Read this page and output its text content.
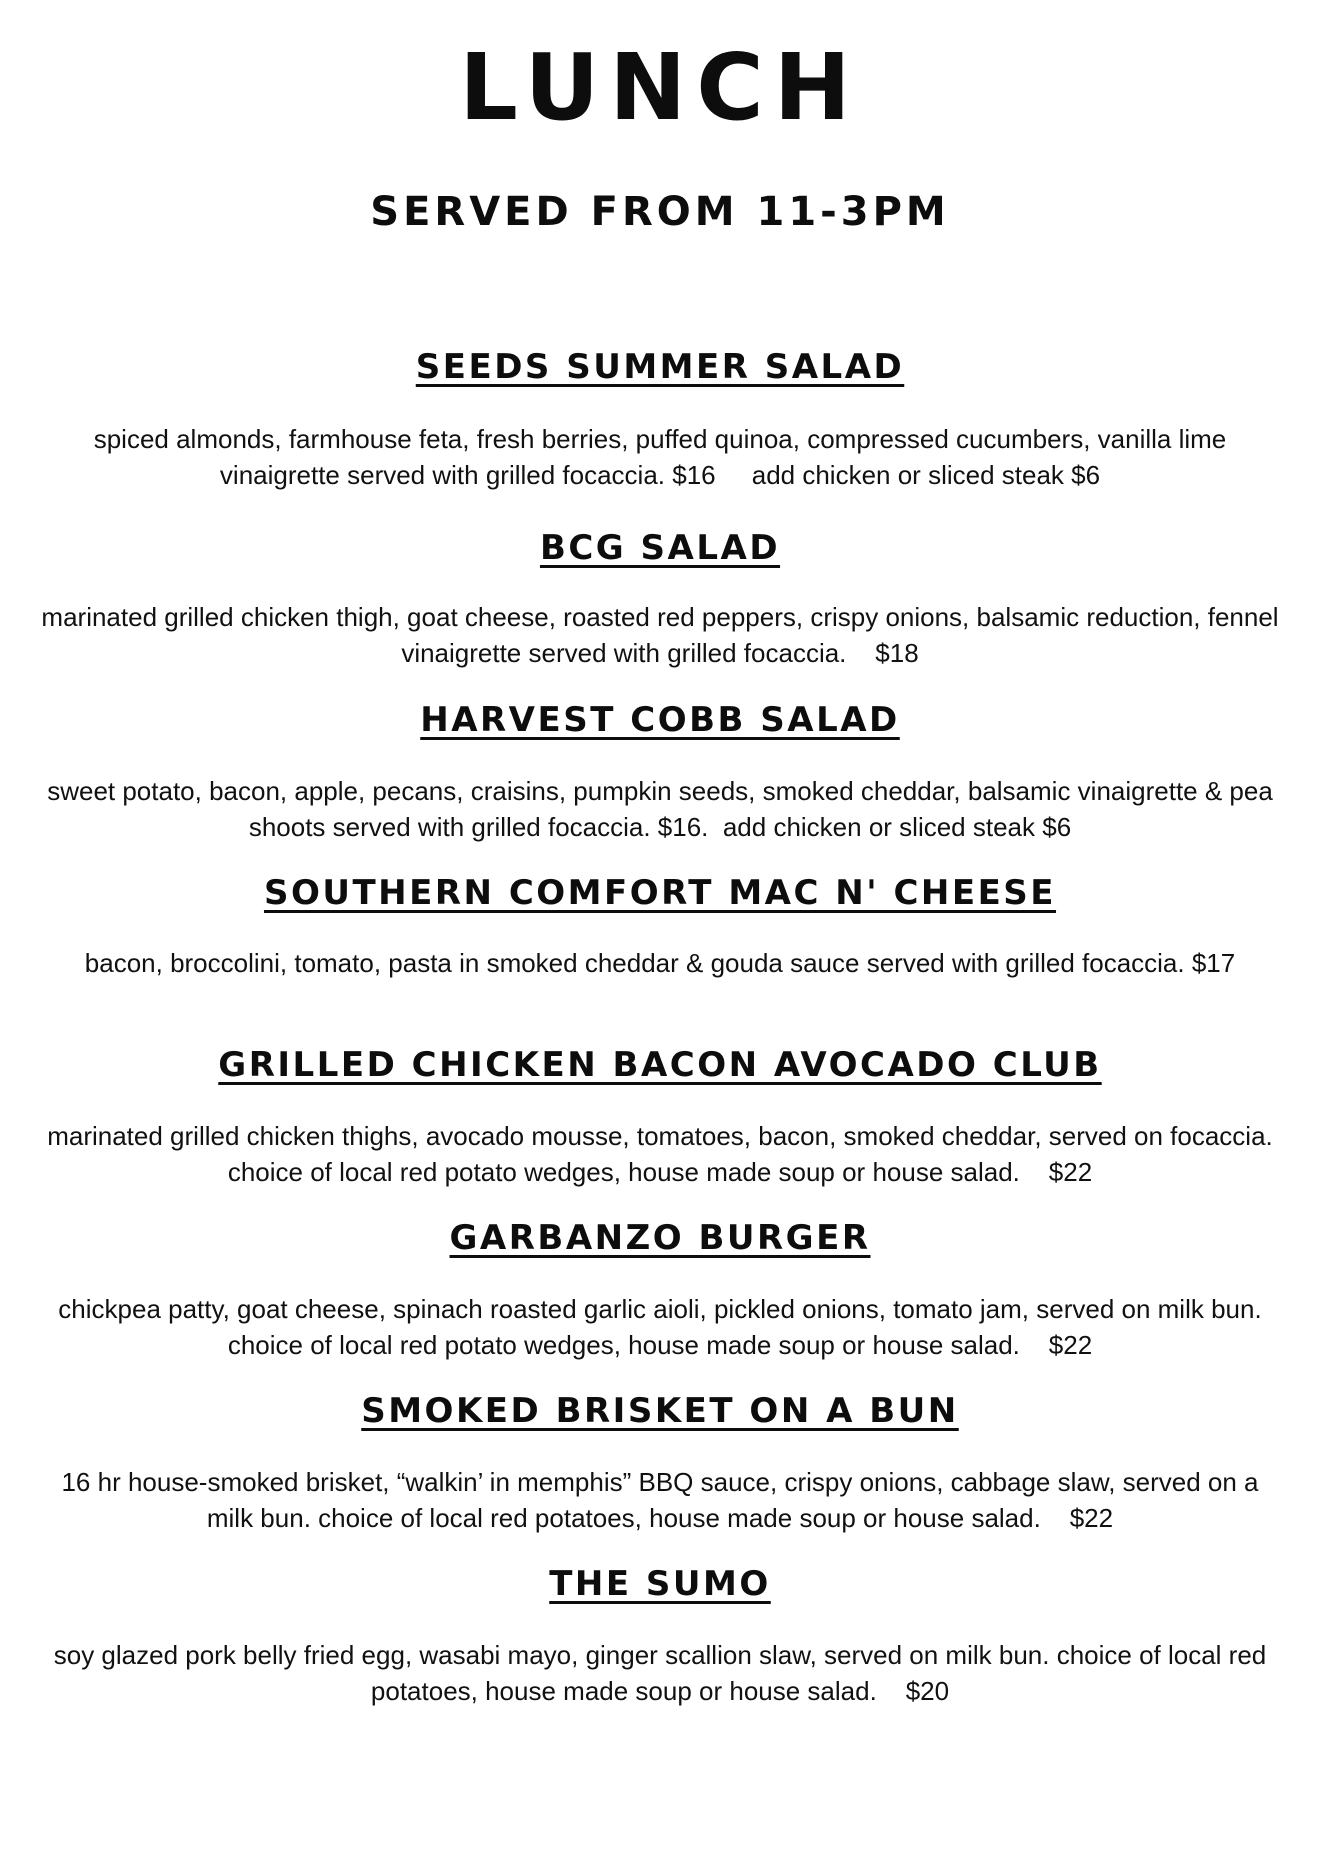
LUNCH
SERVED FROM 11-3PM
SEEDS SUMMER SALAD
spiced almonds, farmhouse feta, fresh berries, puffed quinoa, compressed cucumbers, vanilla lime vinaigrette served with grilled focaccia. $16     add chicken or sliced steak $6
BCG SALAD
marinated grilled chicken thigh, goat cheese, roasted red peppers, crispy onions, balsamic reduction, fennel vinaigrette served with grilled focaccia.    $18
HARVEST COBB SALAD
sweet potato, bacon, apple, pecans, craisins, pumpkin seeds, smoked cheddar, balsamic vinaigrette & pea shoots served with grilled focaccia. $16.  add chicken or sliced steak $6
SOUTHERN COMFORT MAC N' CHEESE
bacon, broccolini, tomato, pasta in smoked cheddar & gouda sauce served with grilled focaccia. $17
GRILLED CHICKEN BACON AVOCADO CLUB
marinated grilled chicken thighs, avocado mousse, tomatoes, bacon, smoked cheddar, served on focaccia. choice of local red potato wedges, house made soup or house salad.    $22
GARBANZO BURGER
chickpea patty, goat cheese, spinach roasted garlic aioli, pickled onions, tomato jam, served on milk bun. choice of local red potato wedges, house made soup or house salad.    $22
SMOKED BRISKET ON A BUN
16 hr house-smoked brisket, “walkin’ in memphis” BBQ sauce, crispy onions, cabbage slaw, served on a milk bun. choice of local red potatoes, house made soup or house salad.    $22
THE SUMO
soy glazed pork belly fried egg, wasabi mayo, ginger scallion slaw, served on milk bun. choice of local red potatoes, house made soup or house salad.    $20
